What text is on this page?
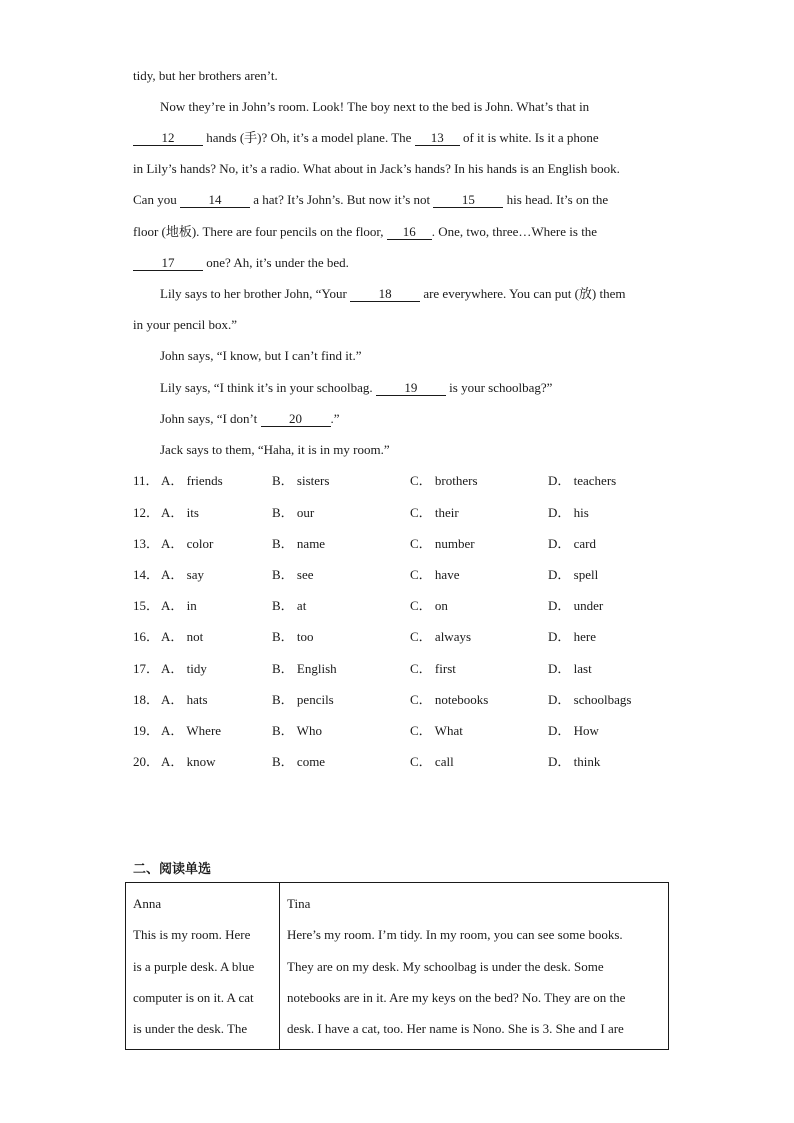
tidy, but her brothers aren’t.
Now they’re in John’s room. Look! The boy next to the bed is John. What’s that in
12 hands (手)? Oh, it’s a model plane. The 13 of it is white. Is it a phone
in Lily’s hands? No, it’s a radio. What about in Jack’s hands? In his hands is an English book.
Can you 14 a hat? It’s John’s. But now it’s not 15 his head. It’s on the
floor (地板). There are four pencils on the floor, 16 . One, two, three…Where is the
17 one? Ah, it’s under the bed.
Lily says to her brother John, “Your 18 are everywhere. You can put (放) them
in your pencil box.”
John says, “I know, but I can’t find it.”
Lily says, “I think it’s in your schoolbag. 19 is your schoolbag?”
John says, “I don’t 20 .”
Jack says to them, “Haha, it is in my room.”
11． A． friends	B． sisters	C． brothers	D． teachers
12． A． its	B． our	C． their	D． his
13． A． color	B． name	C． number	D． card
14． A． say	B． see	C． have	D． spell
15． A． in	B． at	C． on	D． under
16． A． not	B． too	C． always	D． here
17． A． tidy	B． English	C． first	D． last
18． A． hats	B． pencils	C． notebooks	D． schoolbags
19． A． Where	B． Who	C． What	D． How
20． A． know	B． come	C． call	D． think
二、阅读单选
Anna
This is my room. Here
is a purple desk. A blue
computer is on it. A cat
is under the desk. The

Tina
Here’s my room. I’m tidy. In my room, you can see some books.
They are on my desk. My schoolbag is under the desk. Some
notebooks are in it. Are my keys on the bed? No. They are on the
desk. I have a cat, too. Her name is Nono. She is 3. She and I are
